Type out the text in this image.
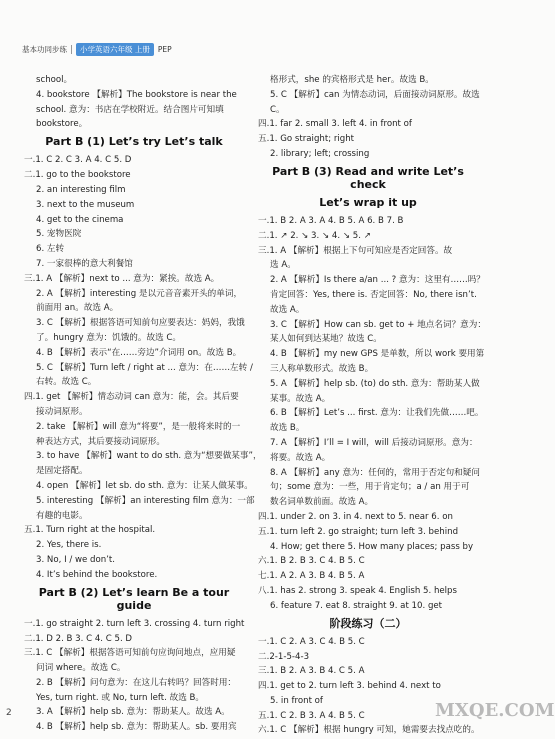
基本功同步练	小学英语六年级 上册	PEP
school。
4. bookstore 【解析】The bookstore is near the
school. 意为：书店在学校附近。结合图片可知填
bookstore。
Part B (1) Let’s try Let’s talk
一.1. C 2. C 3. A 4. C 5. D
二.1. go to the bookstore
2. an interesting film
3. next to the museum
4. get to the cinema
5. 宠物医院
6. 左转
7. 一家很棒的意大利餐馆
三.1. A 【解析】next to ... 意为：紧挨。故选 A。
2. A 【解析】interesting 是以元音音素开头的单词，
前面用 an。故选 A。
3. C 【解析】根据答语可知前句应要表达：妈妈，我饿
了。hungry 意为：饥饿的。故选 C。
4. B 【解析】表示“在……旁边”介词用 on。故选 B。
5. C 【解析】Turn left / right at ... 意为：在……左转 /
右转。故选 C。
四.1. get 【解析】情态动词 can 意为：能，会。其后要
接动词原形。
2. take 【解析】will 意为“将要”，是一般将来时的一
种表达方式，其后要接动词原形。
3. to have 【解析】want to do sth. 意为“想要做某事”，
是固定搭配。
4. open 【解析】let sb. do sth. 意为：让某人做某事。
5. interesting 【解析】an interesting film 意为：一部
有趣的电影。
五.1. Turn right at the hospital.
2. Yes, there is.
3. No, I / we don’t.
4. It’s behind the bookstore.
Part B (2) Let’s learn Be a tour guide
一.1. go straight 2. turn left 3. crossing 4. turn right
二.1. D 2. B 3. C 4. C 5. D
三.1. C 【解析】根据答语可知前句应询问地点，应用疑
问词 where。故选 C。
2. B 【解析】问句意为：在这儿右转吗？回答时用：
Yes, turn right. 或 No, turn left. 故选 B。
3. A 【解析】help sb. 意为：帮助某人。故选 A。
4. B 【解析】help sb. 意为：帮助某人。sb. 要用宾
格形式，she 的宾格形式是 her。故选 B。
5. C 【解析】can 为情态动词，后面接动词原形。故选
C。
四.1. far 2. small 3. left 4. in front of
五.1. Go straight; right
2. library; left; crossing
Part B (3) Read and write Let’s check
Let’s wrap it up
一.1. B 2. A 3. A 4. B 5. A 6. B 7. B
二.1. ↗ 2. ↘ 3. ↘ 4. ↘ 5. ↗
三.1. A 【解析】根据上下句可知应是否定回答。故
选 A。
2. A 【解析】Is there a/an ... ? 意为：这里有……吗？
肯定回答：Yes, there is. 否定回答：No, there isn’t.
故选 A。
3. C 【解析】How can sb. get to + 地点名词？意为：
某人如何到达某地？故选 C。
4. B 【解析】my new GPS 是单数，所以 work 要用第
三人称单数形式。故选 B。
5. A 【解析】help sb. (to) do sth. 意为：帮助某人做
某事。故选 A。
6. B 【解析】Let’s ... first. 意为：让我们先做……吧。
故选 B。
7. A 【解析】I’ll = I will，will 后接动词原形。意为：
将要。故选 A。
8. A 【解析】any 意为：任何的，常用于否定句和疑问
句；some 意为：一些，用于肯定句；a / an 用于可
数名词单数前面。故选 A。
四.1. under 2. on 3. in 4. next to 5. near 6. on
五.1. turn left 2. go straight; turn left 3. behind
4. How; get there 5. How many places; pass by
六.1. B 2. B 3. C 4. B 5. C
七.1. A 2. A 3. B 4. B 5. A
八.1. has 2. strong 3. speak 4. English 5. helps
6. feature 7. eat 8. straight 9. at 10. get
阶段练习（二）
一.1. C 2. A 3. C 4. B 5. C
二.2-1-5-4-3
三.1. B 2. A 3. B 4. C 5. A
四.1. get to 2. turn left 3. behind 4. next to
5. in front of
五.1. C 2. B 3. A 4. B 5. C
六.1. C 【解析】根据 hungry 可知，她需要去找点吃的。
2	MXQE.COM
